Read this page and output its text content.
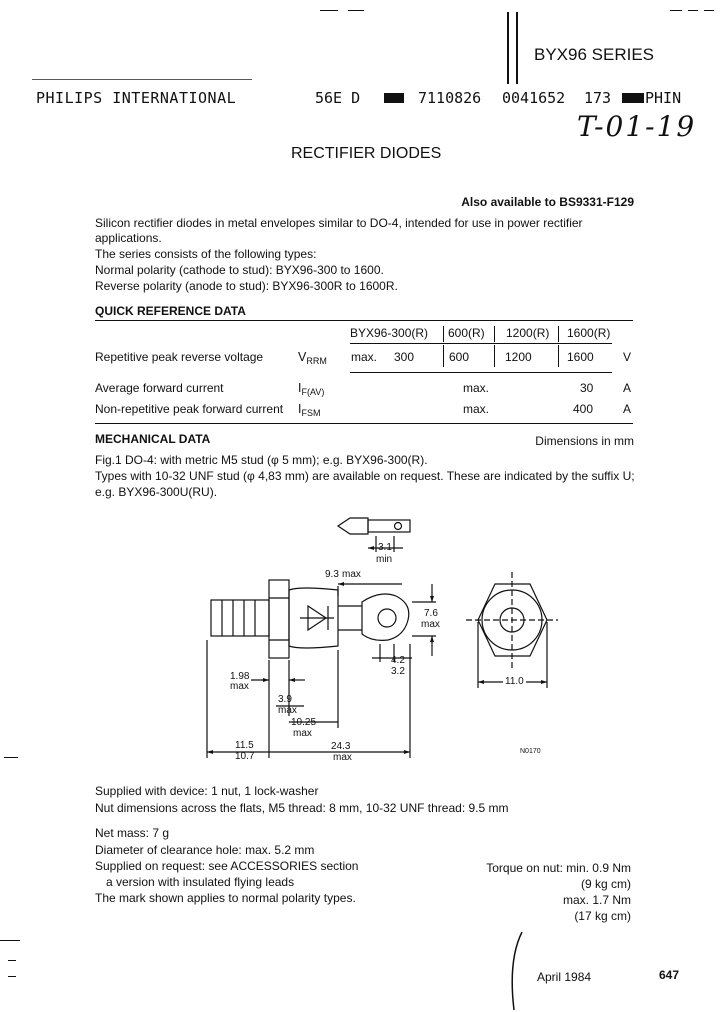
BYX96 SERIES
PHILIPS INTERNATIONAL	56E D	7110826 0041652 173 PHIN
T-01-19
RECTIFIER DIODES
Also available to BS9331-F129
Silicon rectifier diodes in metal envelopes similar to DO-4, intended for use in power rectifier
applications.
The series consists of the following types:
Normal polarity (cathode to stud): BYX96-300 to 1600.
Reverse polarity (anode to stud): BYX96-300R to 1600R.
QUICK REFERENCE DATA
BYX96-300(R) 600(R) 1200(R) 1600(R)
Repetitive peak reverse voltage	$V_{RRM}$ max. 300	600	1200	1600 V
Average forward current	$I_{F(AV)}$	max.	30 A
Non-repetitive peak forward current $I_{FSM}$	max.	400 A
MECHANICAL DATA	Dimensions in mm
Fig.1 DO-4: with metric M5 stud (φ 5 mm); e.g. BYX96-300(R).
Types with 10-32 UNF stud (φ 4,83 mm) are available on request. These are indicated by the suffix U;
e.g. BYX96-300U(RU).
3.1
min
9.3 max
7.6
max
4.2
3.2
1.98
max
3.9
max
10.25
max
11.5
10.7
24.3
max
11.0
N0170
Supplied with device: 1 nut, 1 lock-washer
Nut dimensions across the flats, M5 thread: 8 mm, 10-32 UNF thread: 9.5 mm
Net mass: 7 g
Diameter of clearance hole: max. 5.2 mm
Supplied on request: see ACCESSORIES section
a version with insulated flying leads
The mark shown applies to normal polarity types.
Torque on nut: min. 0.9 Nm
(9 kg cm)
max. 1.7 Nm
(17 kg cm)
April 1984	647
